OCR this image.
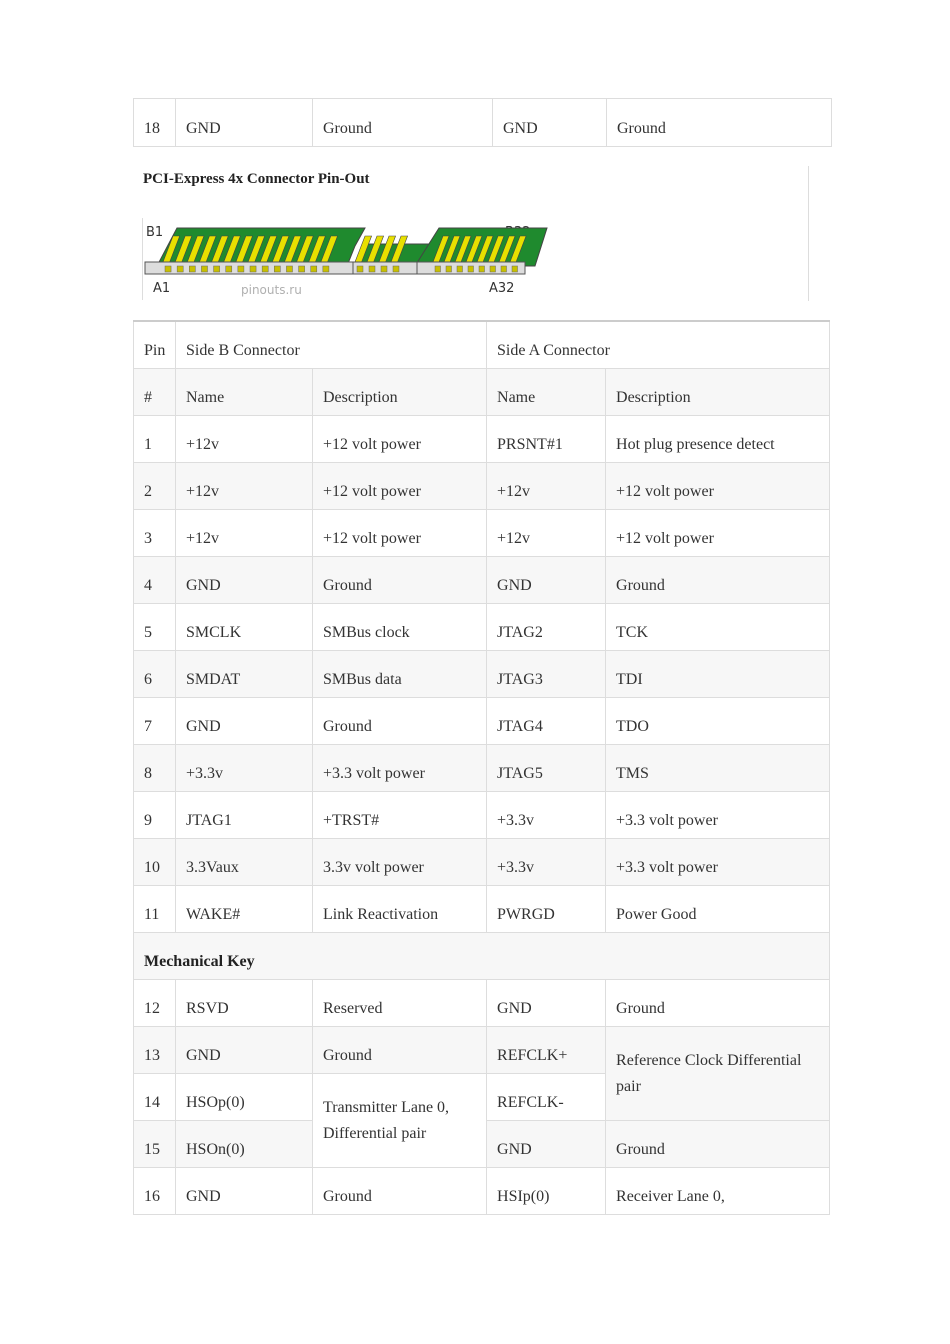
18	GND	Ground	GND	Ground
PCI-Express 4x Connector Pin-Out
B1
A1	pinouts.ru	A32
Pin	Side B Connector		Side A Connector	
#	Name	Description	Name	Description
1	+12v	+12 volt power	PRSNT#1	Hot plug presence detect
2	+12v	+12 volt power	+12v	+12 volt power
3	+12v	+12 volt power	+12v	+12 volt power
4	GND	Ground	GND	Ground
5	SMCLK	SMBus clock	JTAG2	TCK
6	SMDAT	SMBus data	JTAG3	TDI
7	GND	Ground	JTAG4	TDO
8	+3.3v	+3.3 volt power	JTAG5	TMS
9	JTAG1	+TRST#	+3.3v	+3.3 volt power
10	3.3Vaux	3.3v volt power	+3.3v	+3.3 volt power
11	WAKE#	Link Reactivation	PWRGD	Power Good
Mechanical Key				
12	RSVD	Reserved	GND	Ground
13	GND	Ground	REFCLK+	Reference Clock Differential pair
14	HSOp(0)	Transmitter Lane 0, Differential pair	REFCLK-	
15	HSOn(0)		GND	Ground
16	GND	Ground	HSIp(0)	Receiver Lane 0,
